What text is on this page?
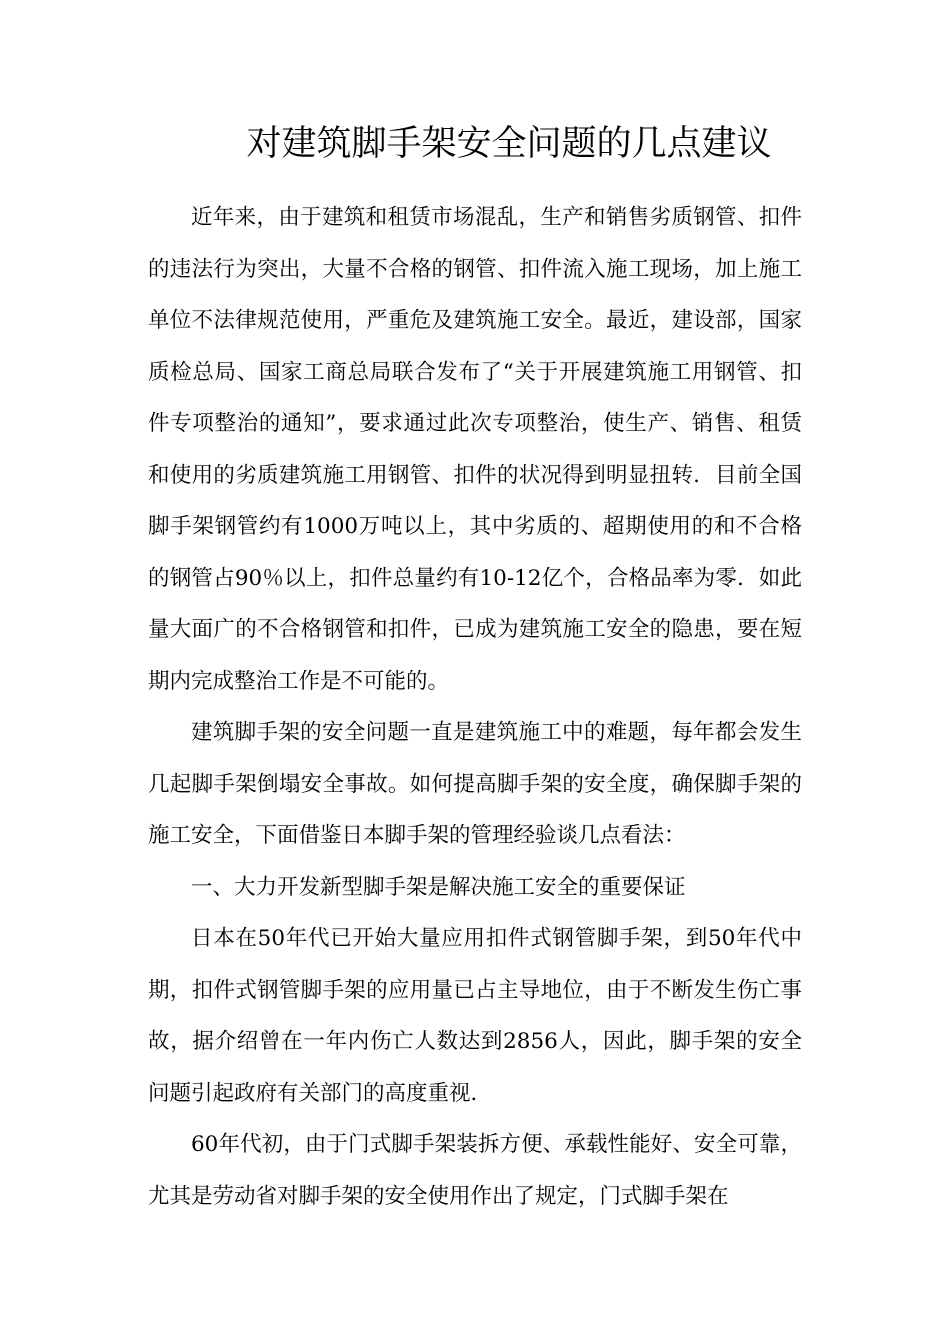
对建筑脚手架安全问题的几点建议

近年来，由于建筑和租赁市场混乱，生产和销售劣质钢管、扣件的违法行为突出，大量不合格的钢管、扣件流入施工现场，加上施工单位不法律规范使用，严重危及建筑施工安全。最近，建设部，国家质检总局、国家工商总局联合发布了“关于开展建筑施工用钢管、扣件专项整治的通知”，要求通过此次专项整治，使生产、销售、租赁和使用的劣质建筑施工用钢管、扣件的状况得到明显扭转．目前全国脚手架钢管约有1000万吨以上，其中劣质的、超期使用的和不合格的钢管占90％以上，扣件总量约有10-12亿个，合格品率为零．如此量大面广的不合格钢管和扣件，已成为建筑施工安全的隐患，要在短期内完成整治工作是不可能的。

建筑脚手架的安全问题一直是建筑施工中的难题，每年都会发生几起脚手架倒塌安全事故。如何提高脚手架的安全度，确保脚手架的施工安全，下面借鉴日本脚手架的管理经验谈几点看法：

一、大力开发新型脚手架是解决施工安全的重要保证

日本在50年代已开始大量应用扣件式钢管脚手架，到50年代中期，扣件式钢管脚手架的应用量已占主导地位，由于不断发生伤亡事故，据介绍曾在一年内伤亡人数达到2856人，因此，脚手架的安全问题引起政府有关部门的高度重视．

60年代初，由于门式脚手架装拆方便、承载性能好、安全可靠，尤其是劳动省对脚手架的安全使用作出了规定，门式脚手架在
